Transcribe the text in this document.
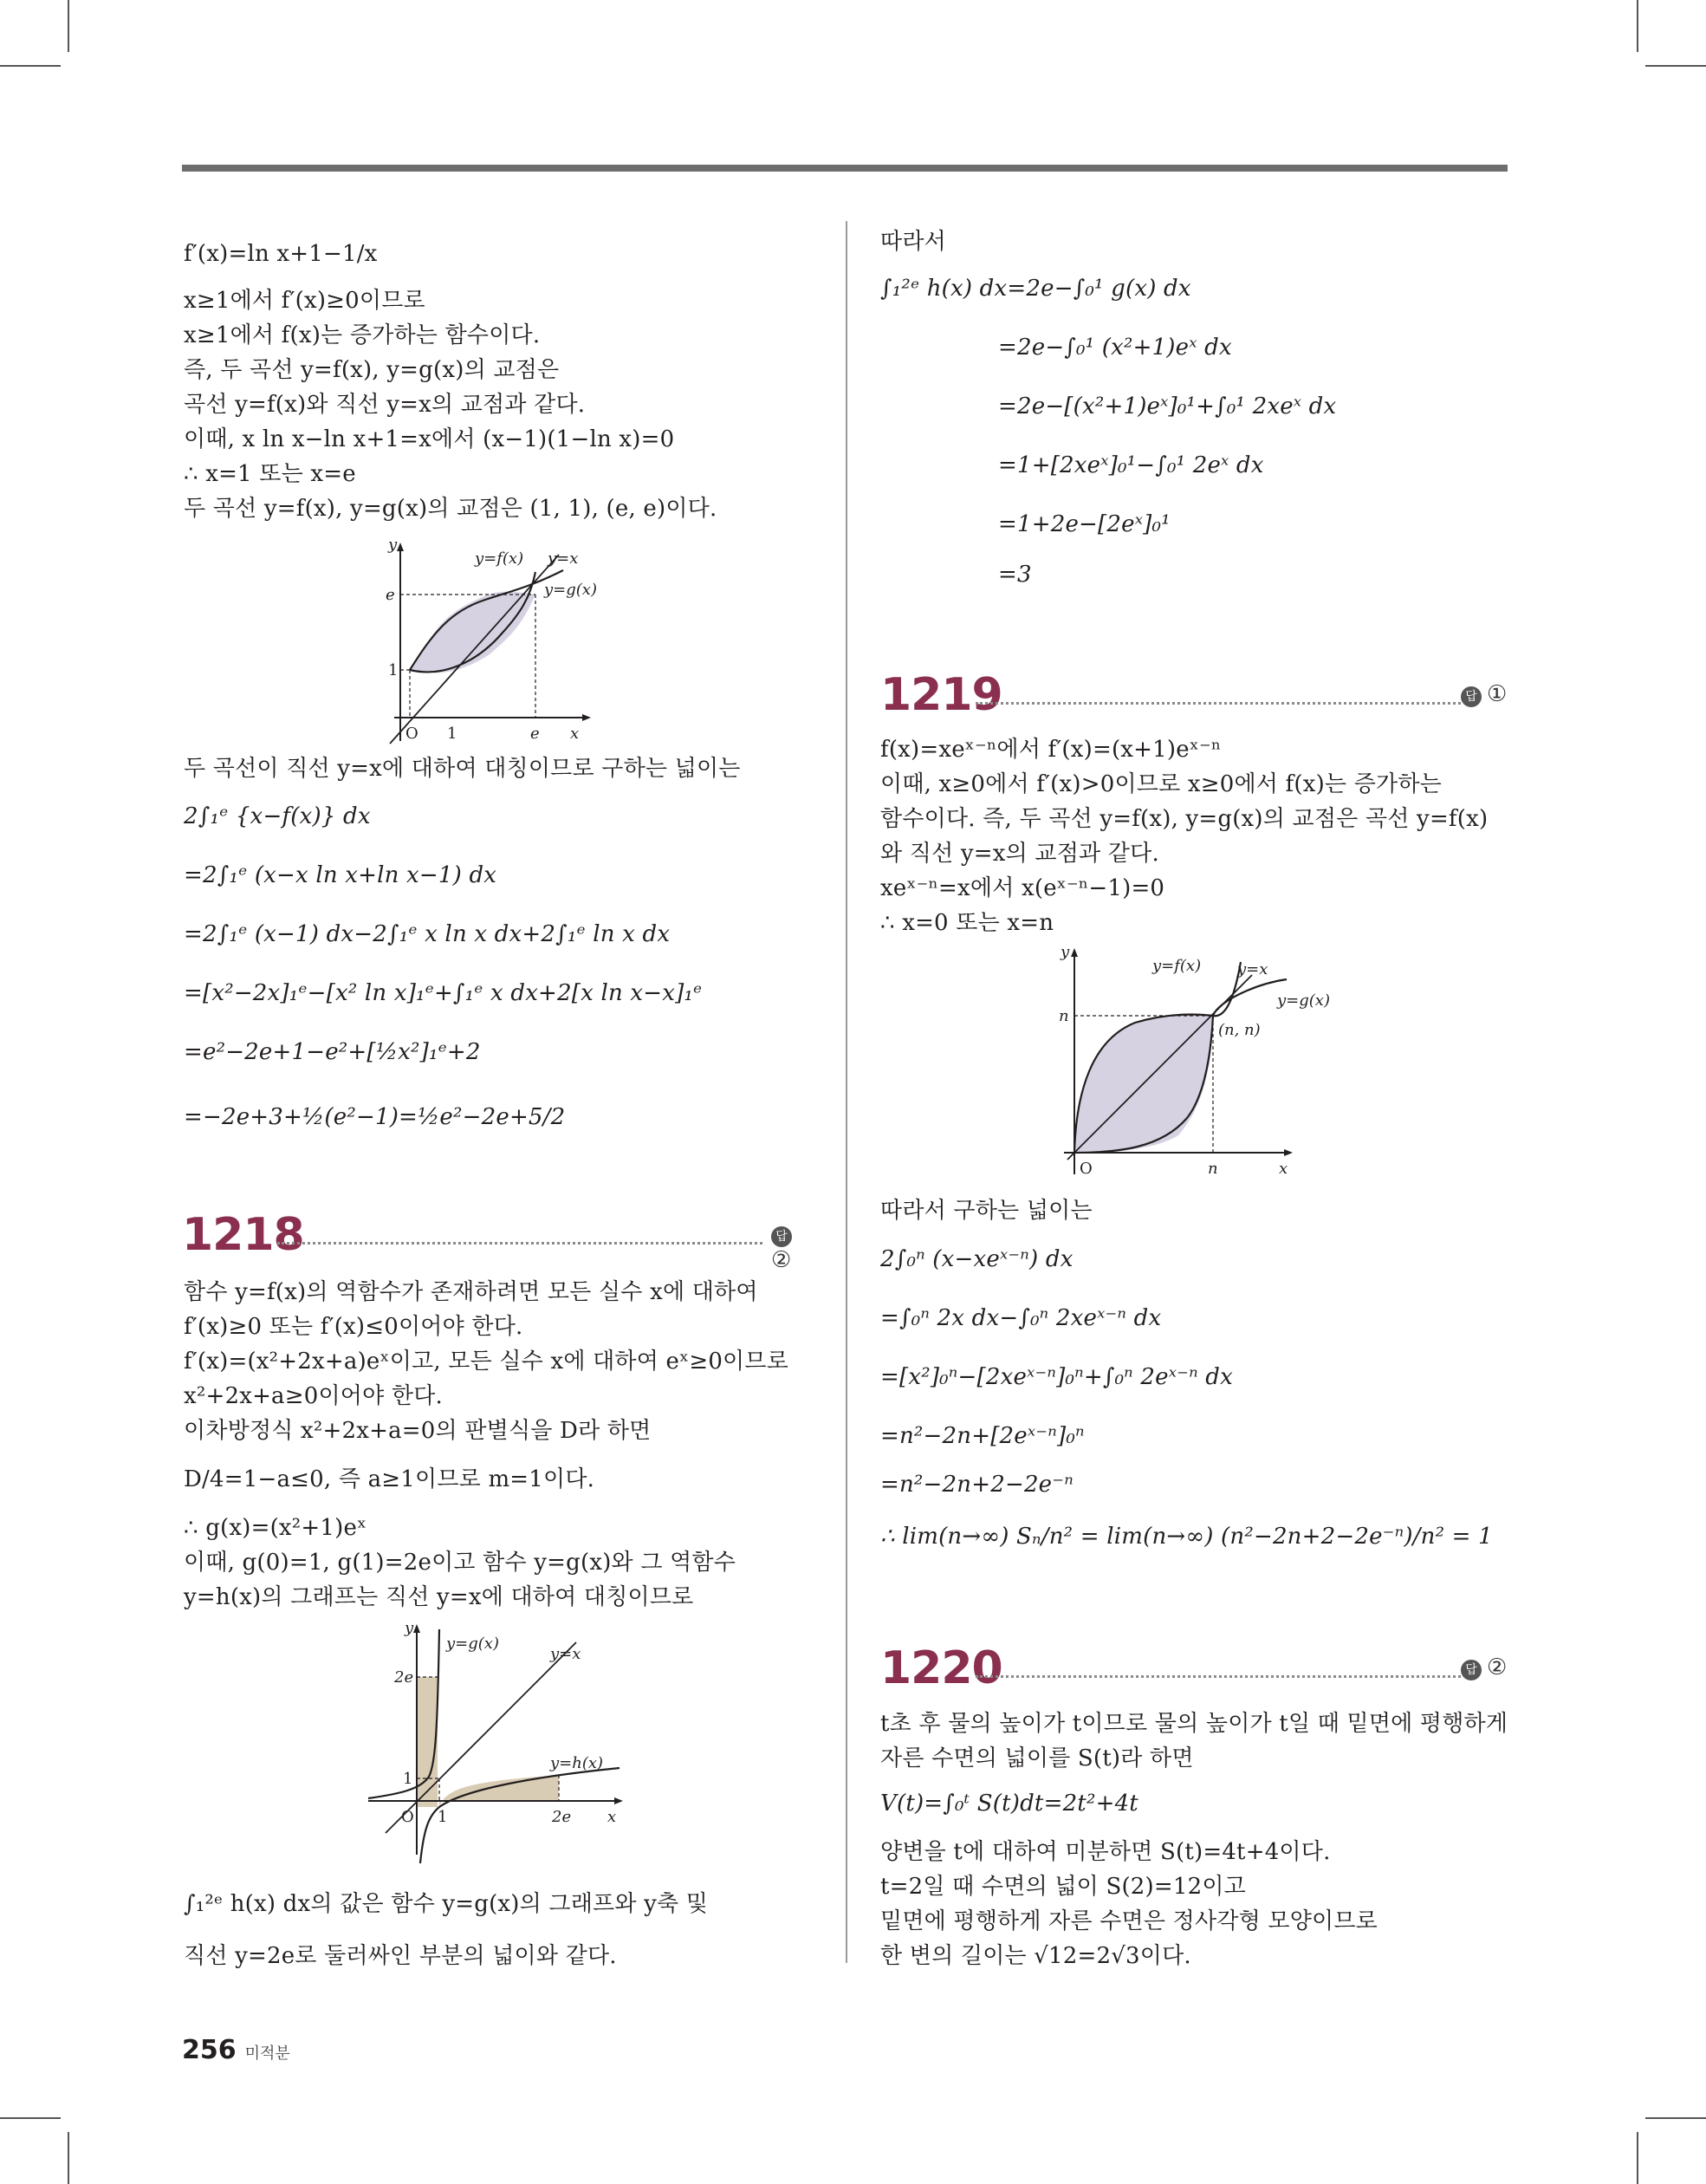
f′(x)=ln x+1−1/x
x≥1에서 f′(x)≥0이므로
x≥1에서 f(x)는 증가하는 함수이다.
즉, 두 곡선 y=f(x), y=g(x)의 교점은
곡선 y=f(x)와 직선 y=x의 교점과 같다.
이때, x ln x−ln x+1=x에서 (x−1)(1−ln x)=0
∴ x=1 또는 x=e
두 곡선 y=f(x), y=g(x)의 교점은 (1, 1), (e, e)이다.
y
x
O 1	e
e
1
y=f(x) y=x
y=g(x)
두 곡선이 직선 y=x에 대하여 대칭이므로 구하는 넓이는
2∫₁ᵉ {x−f(x)} dx
=2∫₁ᵉ (x−x ln x+ln x−1) dx
=2∫₁ᵉ (x−1) dx−2∫₁ᵉ x ln x dx+2∫₁ᵉ ln x dx
=[x²−2x]₁ᵉ−[x² ln x]₁ᵉ+∫₁ᵉ x dx+2[x ln x−x]₁ᵉ
=e²−2e+1−e²+[½x²]₁ᵉ+2
=−2e+3+½(e²−1)=½e²−2e+5/2
1218	답②
함수 y=f(x)의 역함수가 존재하려면 모든 실수 x에 대하여
f′(x)≥0 또는 f′(x)≤0이어야 한다.
f′(x)=(x²+2x+a)eˣ이고, 모든 실수 x에 대하여 eˣ≥0이므로
x²+2x+a≥0이어야 한다.
이차방정식 x²+2x+a=0의 판별식을 D라 하면
D/4=1−a≤0, 즉 a≥1이므로 m=1이다.
∴ g(x)=(x²+1)eˣ
이때, g(0)=1, g(1)=2e이고 함수 y=g(x)와 그 역함수
y=h(x)의 그래프는 직선 y=x에 대하여 대칭이므로
y
x
O 1	2e
2e
1
y=g(x)
y=x
y=h(x)
∫₁²ᵉ h(x) dx의 값은 함수 y=g(x)의 그래프와 y축 및
직선 y=2e로 둘러싸인 부분의 넓이와 같다.
따라서
∫₁²ᵉ h(x) dx=2e−∫₀¹ g(x) dx
=2e−∫₀¹ (x²+1)eˣ dx
=2e−[(x²+1)eˣ]₀¹+∫₀¹ 2xeˣ dx
=1+[2xeˣ]₀¹−∫₀¹ 2eˣ dx
=1+2e−[2eˣ]₀¹
=3
1219	답 ①
f(x)=xeˣ⁻ⁿ에서 f′(x)=(x+1)eˣ⁻ⁿ
이때, x≥0에서 f′(x)>0이므로 x≥0에서 f(x)는 증가하는
함수이다. 즉, 두 곡선 y=f(x), y=g(x)의 교점은 곡선 y=f(x)
와 직선 y=x의 교점과 같다.
xeˣ⁻ⁿ=x에서 x(eˣ⁻ⁿ−1)=0
∴ x=0 또는 x=n
y
x
O	n
n
(n, n)
y=f(x) y=x
y=g(x)
따라서 구하는 넓이는
2∫₀ⁿ (x−xeˣ⁻ⁿ) dx
=∫₀ⁿ 2x dx−∫₀ⁿ 2xeˣ⁻ⁿ dx
=[x²]₀ⁿ−[2xeˣ⁻ⁿ]₀ⁿ+∫₀ⁿ 2eˣ⁻ⁿ dx
=n²−2n+[2eˣ⁻ⁿ]₀ⁿ
=n²−2n+2−2e⁻ⁿ
∴ lim(n→∞) Sₙ/n² = lim(n→∞) (n²−2n+2−2e⁻ⁿ)/n² = 1
1220	답 ②
t초 후 물의 높이가 t이므로 물의 높이가 t일 때 밑면에 평행하게
자른 수면의 넓이를 S(t)라 하면
V(t)=∫₀ᵗ S(t)dt=2t²+4t
양변을 t에 대하여 미분하면 S(t)=4t+4이다.
t=2일 때 수면의 넓이 S(2)=12이고
밑면에 평행하게 자른 수면은 정사각형 모양이므로
한 변의 길이는 √12=2√3이다.
256 미적분
